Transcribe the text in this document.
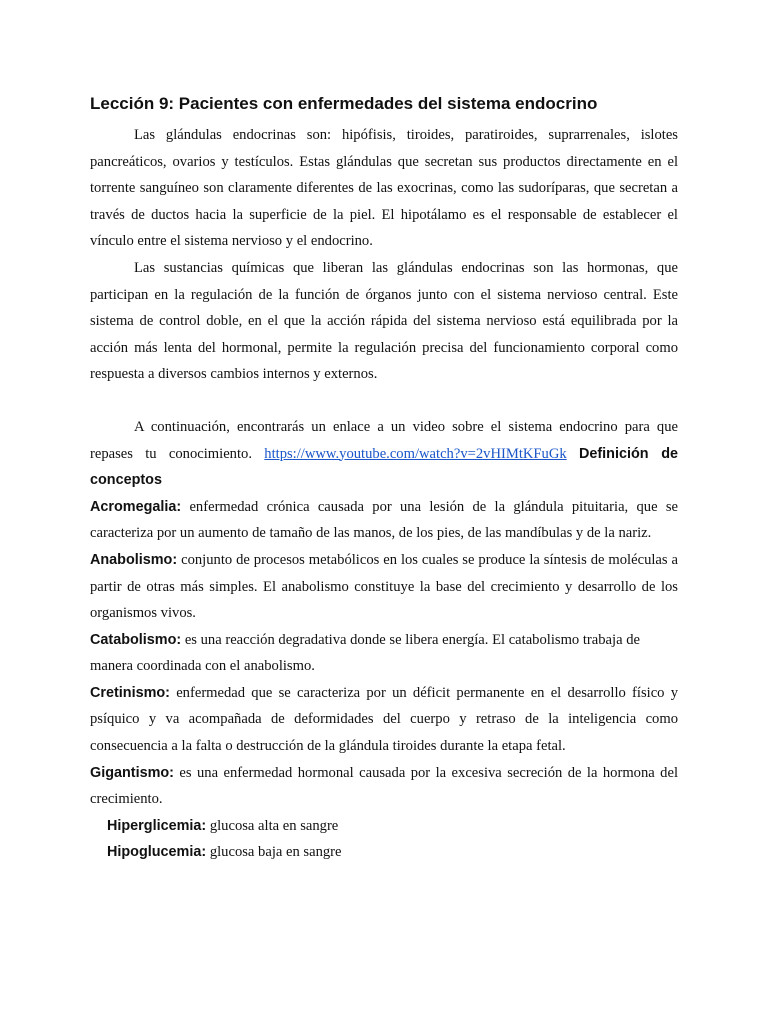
Lección 9: Pacientes con enfermedades del sistema endocrino

Las glándulas endocrinas son: hipófisis, tiroides, paratiroides, suprarrenales, islotes pancreáticos, ovarios y testículos. Estas glándulas que secretan sus productos directamente en el torrente sanguíneo son claramente diferentes de las exocrinas, como las sudoríparas, que secretan a través de ductos hacia la superficie de la piel. El hipotálamo es el responsable de establecer el vínculo entre el sistema nervioso y el endocrino.

Las sustancias químicas que liberan las glándulas endocrinas son las hormonas, que participan en la regulación de la función de órganos junto con el sistema nervioso central. Este sistema de control doble, en el que la acción rápida del sistema nervioso está equilibrada por la acción más lenta del hormonal, permite la regulación precisa del funcionamiento corporal como respuesta a diversos cambios internos y externos.

A continuación, encontrarás un enlace a un video sobre el sistema endocrino para que repases tu conocimiento. https://www.youtube.com/watch?v=2vHIMtKFuGk Definición de conceptos

Acromegalia: enfermedad crónica causada por una lesión de la glándula pituitaria, que se caracteriza por un aumento de tamaño de las manos, de los pies, de las mandíbulas y de la nariz.

Anabolismo: conjunto de procesos metabólicos en los cuales se produce la síntesis de moléculas a partir de otras más simples. El anabolismo constituye la base del crecimiento y desarrollo de los organismos vivos.

Catabolismo: es una reacción degradativa donde se libera energía. El catabolismo trabaja de manera coordinada con el anabolismo.

Cretinismo: enfermedad que se caracteriza por un déficit permanente en el desarrollo físico y psíquico y va acompañada de deformidades del cuerpo y retraso de la inteligencia como consecuencia a la falta o destrucción de la glándula tiroides durante la etapa fetal.

Gigantismo: es una enfermedad hormonal causada por la excesiva secreción de la hormona del crecimiento.

Hiperglicemia: glucosa alta en sangre

Hipoglucemia: glucosa baja en sangre
